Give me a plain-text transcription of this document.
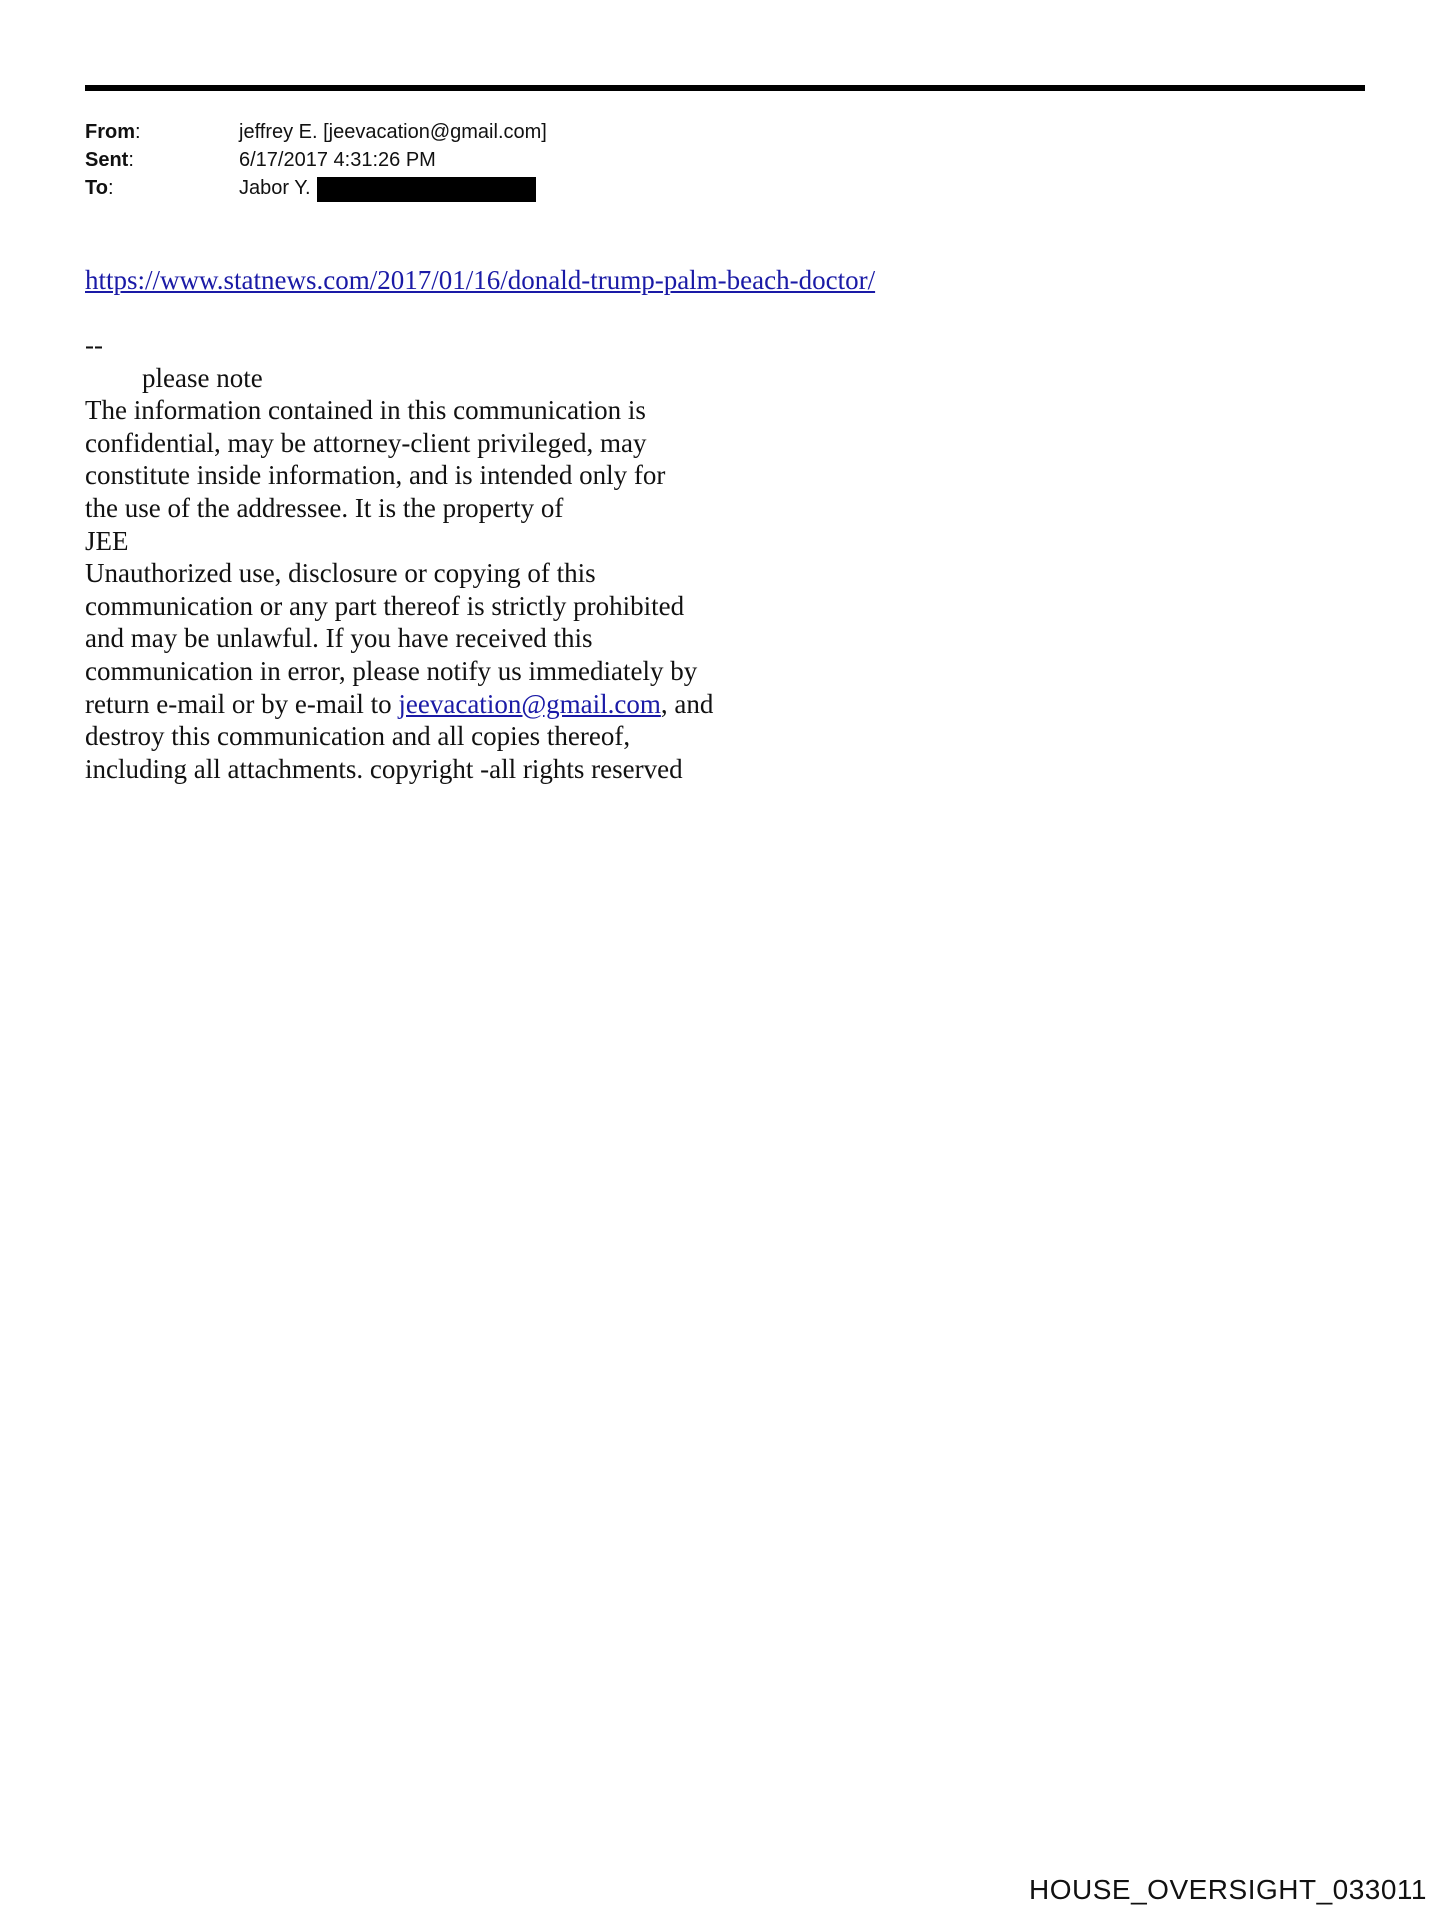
From:	jeffrey E. [jeevacation@gmail.com]
Sent:	6/17/2017 4:31:26 PM
To:	Jabor Y.
https://www.statnews.com/2017/01/16/donald-trump-palm-beach-doctor/
--
please note
The information contained in this communication is
confidential, may be attorney-client privileged, may
constitute inside information, and is intended only for
the use of the addressee. It is the property of
JEE
Unauthorized use, disclosure or copying of this
communication or any part thereof is strictly prohibited
and may be unlawful. If you have received this
communication in error, please notify us immediately by
return e-mail or by e-mail to jeevacation@gmail.com, and
destroy this communication and all copies thereof,
including all attachments. copyright -all rights reserved
HOUSE_OVERSIGHT_033011
